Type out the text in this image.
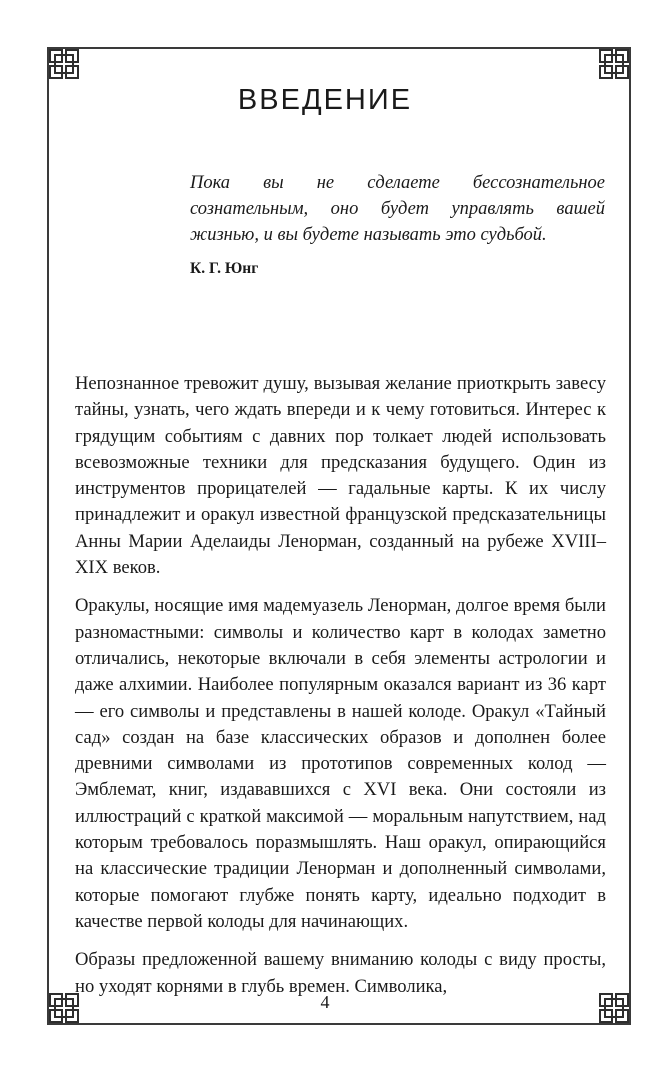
ВВЕДЕНИЕ

Пока вы не сделаете бессознательное сознательным, оно будет управлять вашей жизнью, и вы будете называть это судьбой.

К. Г. Юнг

Непознанное тревожит душу, вызывая желание приоткрыть завесу тайны, узнать, чего ждать впереди и к чему готовиться. Интерес к грядущим событиям с давних пор толкает людей использовать всевозможные техники для предсказания будущего. Один из инструментов прорицателей — гадальные карты. К их числу принадлежит и оракул известной французской предсказательницы Анны Марии Аделаиды Ленорман, созданный на рубеже XVIII–XIX веков.

Оракулы, носящие имя мадемуазель Ленорман, долгое время были разномастными: символы и количество карт в колодах заметно отличались, некоторые включали в себя элементы астрологии и даже алхимии. Наиболее популярным оказался вариант из 36 карт — его символы и представлены в нашей колоде. Оракул «Тайный сад» создан на базе классических образов и дополнен более древними символами из прототипов современных колод — Эмблемат, книг, издававшихся с XVI века. Они состояли из иллюстраций с краткой максимой — моральным напутствием, над которым требовалось поразмышлять. Наш оракул, опирающийся на классические традиции Ленорман и дополненный символами, которые помогают глубже понять карту, идеально подходит в качестве первой колоды для начинающих.

Образы предложенной вашему вниманию колоды с виду просты, но уходят корнями в глубь времен. Символика,

4
